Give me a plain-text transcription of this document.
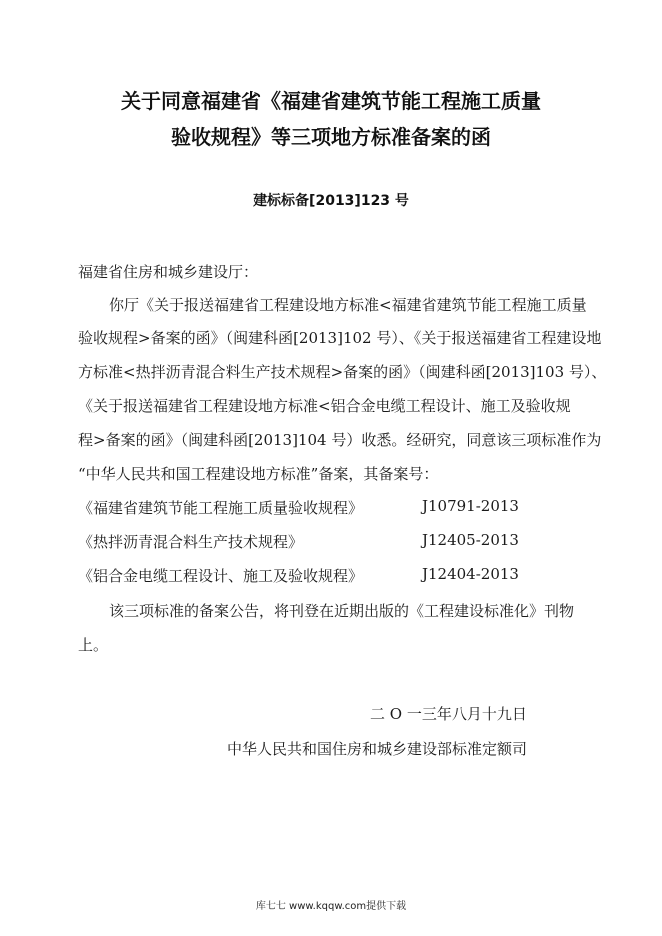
关于同意福建省《福建省建筑节能工程施工质量
验收规程》等三项地方标准备案的函
建标标备[2013]123 号
福建省住房和城乡建设厅：
你厅《关于报送福建省工程建设地方标准<福建省建筑节能工程施工质量
验收规程>备案的函》（闽建科函[2013]102 号）、《关于报送福建省工程建设地
方标准<热拌沥青混合料生产技术规程>备案的函》（闽建科函[2013]103 号）、
《关于报送福建省工程建设地方标准<铝合金电缆工程设计、施工及验收规
程>备案的函》（闽建科函[2013]104 号）收悉。经研究，同意该三项标准作为
“中华人民共和国工程建设地方标准”备案，其备案号：
《福建省建筑节能工程施工质量验收规程》	J10791-2013
《热拌沥青混合料生产技术规程》	J12405-2013
《铝合金电缆工程设计、施工及验收规程》	J12404-2013
该三项标准的备案公告，将刊登在近期出版的《工程建设标准化》刊物
上。
二 O 一三年八月十九日
中华人民共和国住房和城乡建设部标准定额司
库七七 www.kqqw.com提供下载
